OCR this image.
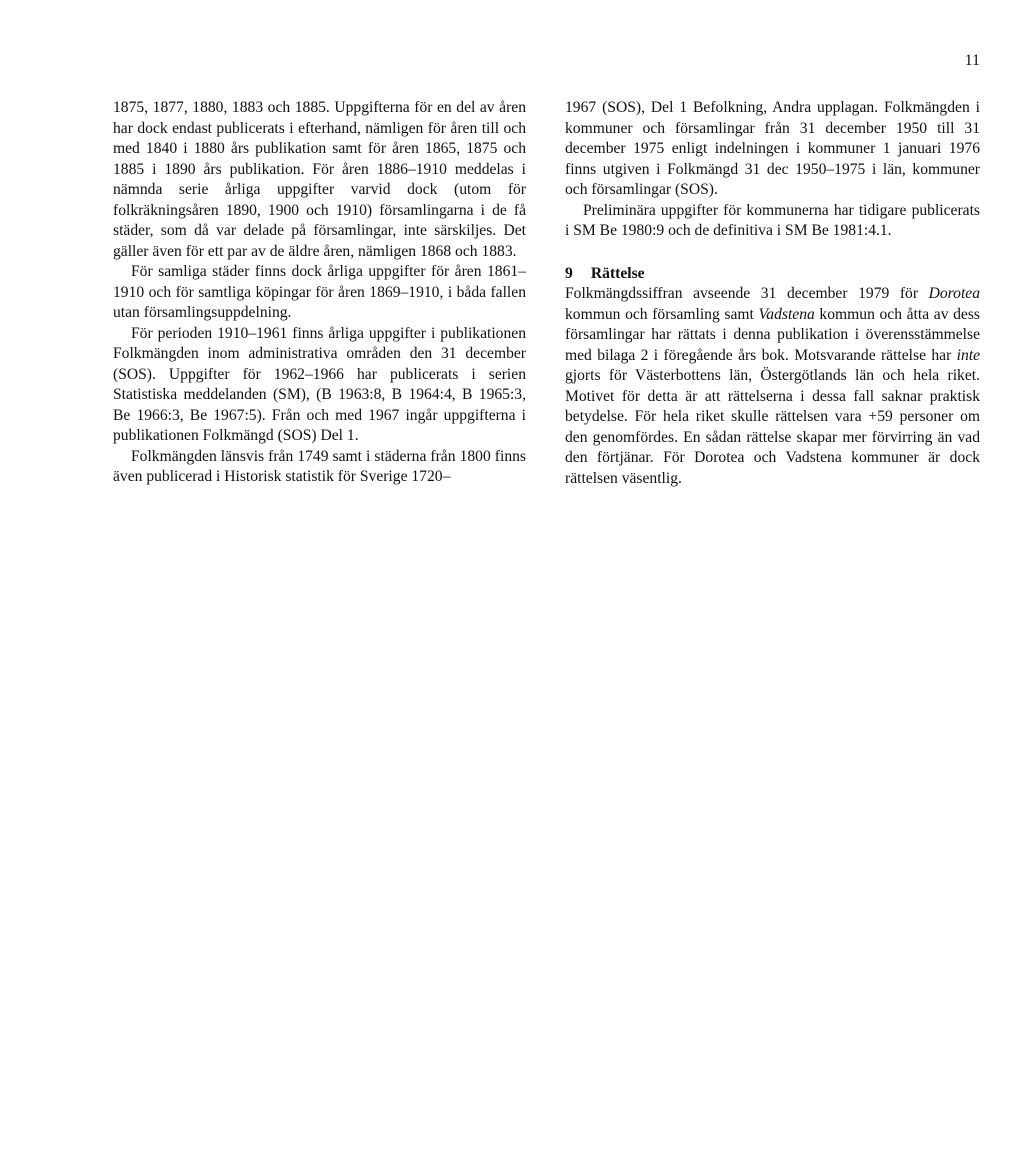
11

1875, 1877, 1880, 1883 och 1885. Uppgifterna för en del av åren har dock endast publicerats i efterhand, nämligen för åren till och med 1840 i 1880 års publikation samt för åren 1865, 1875 och 1885 i 1890 års publikation. För åren 1886–1910 meddelas i nämnda serie årliga uppgifter varvid dock (utom för folkräkningsåren 1890, 1900 och 1910) församlingarna i de få städer, som då var delade på församlingar, inte särskiljes. Det gäller även för ett par av de äldre åren, nämligen 1868 och 1883.

För samliga städer finns dock årliga uppgifter för åren 1861–1910 och för samtliga köpingar för åren 1869–1910, i båda fallen utan församlingsuppdelning.

För perioden 1910–1961 finns årliga uppgifter i publikationen Folkmängden inom administrativa områden den 31 december (SOS). Uppgifter för 1962–1966 har publicerats i serien Statistiska meddelanden (SM), (B 1963:8, B 1964:4, B 1965:3, Be 1966:3, Be 1967:5). Från och med 1967 ingår uppgifterna i publikationen Folkmängd (SOS) Del 1.

Folkmängden länsvis från 1749 samt i städerna från 1800 finns även publicerad i Historisk statistik för Sverige 1720–

1967 (SOS), Del 1 Befolkning, Andra upplagan. Folkmängden i kommuner och församlingar från 31 december 1950 till 31 december 1975 enligt indelningen i kommuner 1 januari 1976 finns utgiven i Folkmängd 31 dec 1950–1975 i län, kommuner och församlingar (SOS).

Preliminära uppgifter för kommunerna har tidigare publicerats i SM Be 1980:9 och de definitiva i SM Be 1981:4.1.

9 Rättelse

Folkmängdssiffran avseende 31 december 1979 för Dorotea kommun och församling samt Vadstena kommun och åtta av dess församlingar har rättats i denna publikation i överensstämmelse med bilaga 2 i föregående års bok. Motsvarande rättelse har inte gjorts för Västerbottens län, Östergötlands län och hela riket. Motivet för detta är att rättelserna i dessa fall saknar praktisk betydelse. För hela riket skulle rättelsen vara +59 personer om den genomfördes. En sådan rättelse skapar mer förvirring än vad den förtjänar. För Dorotea och Vadstena kommuner är dock rättelsen väsentlig.
